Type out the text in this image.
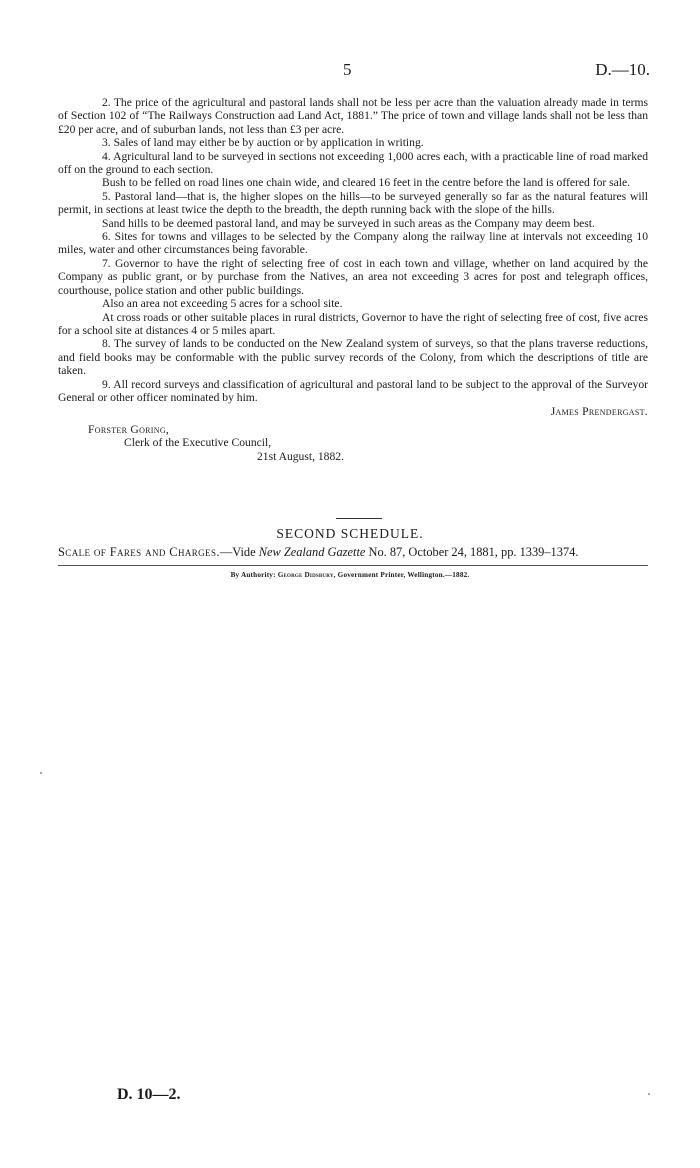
5	D.—10.

2. The price of the agricultural and pastoral lands shall not be less per acre than the valuation already made in terms of Section 102 of “The Railways Construction aad Land Act, 1881.” The price of town and village lands shall not be less than £20 per acre, and of suburban lands, not less than £3 per acre.

3. Sales of land may either be by auction or by application in writing.

4. Agricultural land to be surveyed in sections not exceeding 1,000 acres each, with a practicable line of road marked off on the ground to each section.

Bush to be felled on road lines one chain wide, and cleared 16 feet in the centre before the land is offered for sale.

5. Pastoral land—that is, the higher slopes on the hills—to be surveyed generally so far as the natural features will permit, in sections at least twice the depth to the breadth, the depth running back with the slope of the hills.

Sand hills to be deemed pastoral land, and may be surveyed in such areas as the Company may deem best.

6. Sites for towns and villages to be selected by the Company along the railway line at intervals not exceeding 10 miles, water and other circumstances being favorable.

7. Governor to have the right of selecting free of cost in each town and village, whether on land acquired by the Company as public grant, or by purchase from the Natives, an area not exceeding 3 acres for post and telegraph offices, courthouse, police station and other public buildings.

Also an area not exceeding 5 acres for a school site.

At cross roads or other suitable places in rural districts, Governor to have the right of selecting free of cost, five acres for a school site at distances 4 or 5 miles apart.

8. The survey of lands to be conducted on the New Zealand system of surveys, so that the plans traverse reductions, and field books may be conformable with the public survey records of the Colony, from which the descriptions of title are taken.

9. All record surveys and classification of agricultural and pastoral land to be subject to the approval of the Surveyor General or other officer nominated by him.

James Prendergast.
Forster Goring,
Clerk of the Executive Council,
21st August, 1882.
SECOND SCHEDULE.
Scale of Fares and Charges.—Vide New Zealand Gazette No. 87, October 24, 1881, pp. 1339–1374.
By Authority: George Didsbury, Government Printer, Wellington.—1882.
D. 10—2.
